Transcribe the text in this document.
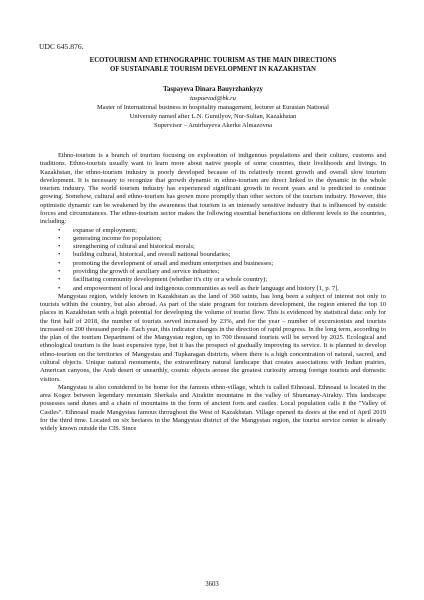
UDC 645.876.
ECOTOURISM AND ETHNOGRAPHIC TOURISM AS THE MAIN DIRECTIONS
OF SUSTAINABLE TOURISM DEVELOPMENT IN KAZAKHSTAN
Taspayeva Dinara Bauyrzhankyzy
taspaevad@bk.ru
Master of International business in hospitality management, lecturer at Eurasian National
University named after L.N. Gumilyov, Nur-Sultan, Kazakhstan
Supervisor – Amirbayeva Akerke Almazovna

Ethno-tourism is a branch of tourism focusing on exploration of indigenous populations and their culture, customs and traditions. Ethno-tourists usually want to learn more about native people of some countries, their livelihoods and livings. In Kazakhstan, the ethno-tourism industry is poorly developed because of its relatively recent growth and overall slow tourism development. It is necessary to recognize that growth dynamic in ethno-tourism are direct linked to the dynamic in the whole tourism industry. The world tourism industry has experienced significant growth in recent years and is predicted to continue growing. Somehow, cultural and ethno-tourism has grown more promptly than other sectors of the tourism industry. However, this optimistic dynamic can be weakened by the awareness that tourism is an intensely sensitive industry that is influenced by outside forces and circumstances. The ethno-tourism sector makes the following essential benefactions on different levels to the countries, including:

• expanse of employment;
• generating income for population;
• strengthening of cultural and historical morals;
• building cultural, historical, and overall national boundaries;
• promoting the development of small and medium enterprises and businesses;
• providing the growth of auxiliary and service industries;
• facilitating community development (whether it's city or a whole country);
• and empowerment of local and indigenous communities as well as their language and history [1, p. 7].

Mangystau region, widely known in Kazakhstan as the land of 360 saints, has long been a subject of interest not only to tourists within the country, but also abroad. As part of the state program for tourism development, the region entered the top 10 places in Kazakhstan with a high potential for developing the volume of tourist flow. This is evidenced by statistical data: only for the first half of 2018, the number of tourists served increased by 23%, and for the year – number of excursionists and tourists increased on 200 thousand people. Each year, this indicator changes in the direction of rapid progress. In the long term, according to the plan of the tourism Department of the Mangystau region, up to 700 thousand tourists will be served by 2025. Ecological and ethnological tourism is the least expensive type, but it has the prospect of gradually improving its service. It is planned to develop ethno-tourism on the territories of Mangystau and Tupkaragan districts, where there is a high concentration of natural, sacred, and cultural objects. Unique natural monuments, the extraordinary natural landscape that creates associations with Indian prairies, American canyons, the Arab desert or unearthly, cosmic objects arouse the greatest curiosity among foreign tourists and domestic visitors.

Mangystau is also considered to be home for the famous ethno-village, which is called Ethnoaul. Ethnoaul is located in the area Kogez between legendary mountain Sherkala and Airaktin mountains in the valley of Shumanay-Airakty. This landscape possesses sand dunes and a chain of mountains in the form of ancient forts and castles. Local population calls it the "Valley of Castles". Ethnoaul made Mangystau famous throughout the West of Kazakhstan. Village opened its doors at the end of April 2019 for the third time. Located on six hectares in the Mangystau district of the Mangystau region, the tourist service center is already widely known outside the CIS. Since

3603
